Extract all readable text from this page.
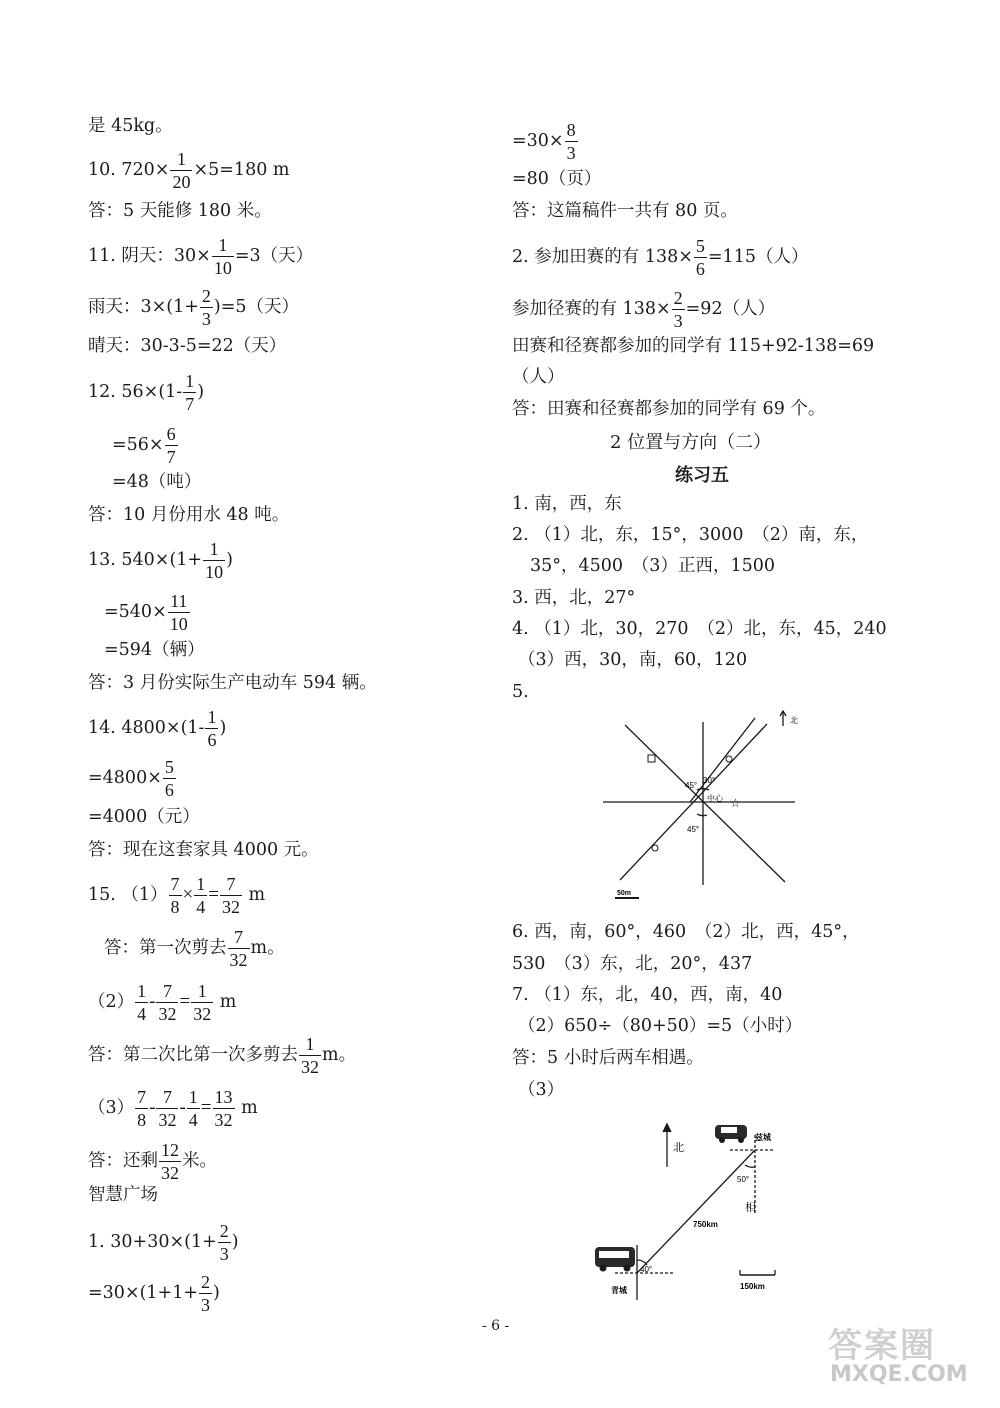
是 45kg。
10. $720\times \frac{1}{20} \times 5=180$ m
答：5 天能修 180 米。
11. 阴天：$30\times \frac{1}{10} =3$（天）
雨天：$3\times(1+ \frac{2}{3} )=5$（天）
晴天：30-3-5=22（天）
12. $56\times(1- \frac{1}{7}$ )
$=56\times \frac{6}{7}$
=48（吨）
答：10 月份用水 48 吨。
13. $540\times(1+ \frac{1}{10}$ )
$=540\times \frac{11}{10}$
=594（辆）
答：3 月份实际生产电动车 594 辆。
14. $4800\times(1- \frac{1}{6}$ )
$=4800\times \frac{5}{6}$
=4000（元）
答：现在这套家具 4000 元。
15. $(1) \frac{7}{8} \times \frac{1}{4} = \frac{7}{32}$ m
答：第一次剪去 $\frac{7}{32}$ m。
$(2) \frac{1}{4} - \frac{7}{32} = \frac{1}{32}$ m
答：第二次比第一次多剪去 $\frac{1}{32}$ m。
$(3) \frac{7}{8} - \frac{7}{32} - \frac{1}{4} = \frac{13}{32}$ m
答：还剩 $\frac{12}{32}$ 米。
智慧广场
1. $30+30\times(1+ \frac{2}{3}$ )
$=30\times(1+1+ \frac{2}{3}$ )
$=30\times \frac{8}{3}$
=80（页）
答：这篇稿件一共有 80 页。
2. 参加田赛的有 $138\times \frac{5}{6} =115$（人）
参加径赛的有 $138\times \frac{2}{3} =92$（人）
田赛和径赛都参加的同学有 115+92-138=69
（人）
答：田赛和径赛都参加的同学有 69 个。
2 位置与方向（二）
练习五
1. 南，西，东
2. （1）北，东，15°，3000　（2）南，东，
35°，4500　（3）正西，1500
3. 西，北，27°
4. （1）北，30，270　（2）北，东，45，240
（3）西，30，南，60，120
5.
北
中心
45°
30°
45°
☆
50m
6. 西，南，60°，460　（2）北，西，45°，
530　（3）东，北，20°，437
7. （1）东，北，40，西，南，40
（2）650÷（80+50）=5（小时）
答：5 小时后两车相遇。
（3）
北
兹城
青城
50°
40°
750km
相
150km
- 6 -	答案圈
MXQE.COM
